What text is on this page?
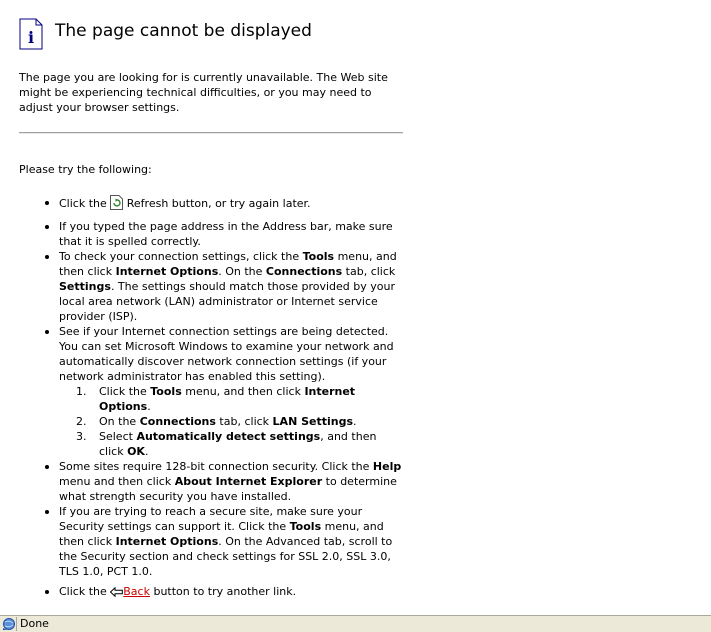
i The page cannot be displayed
The page you are looking for is currently unavailable. The Web site might be experiencing technical difficulties, or you may need to adjust your browser settings.
Please try the following:
Click the  Refresh button, or try again later.
If you typed the page address in the Address bar, make sure that it is spelled correctly.
To check your connection settings, click the Tools menu, and then click Internet Options. On the Connections tab, click Settings. The settings should match those provided by your local area network (LAN) administrator or Internet service provider (ISP).
See if your Internet connection settings are being detected. You can set Microsoft Windows to examine your network and automatically discover network connection settings (if your network administrator has enabled this setting).
1. Click the Tools menu, and then click Internet Options.
2. On the Connections tab, click LAN Settings.
3. Select Automatically detect settings, and then click OK.
Some sites require 128-bit connection security. Click the Help menu and then click About Internet Explorer to determine what strength security you have installed.
If you are trying to reach a secure site, make sure your Security settings can support it. Click the Tools menu, and then click Internet Options. On the Advanced tab, scroll to the Security section and check settings for SSL 2.0, SSL 3.0, TLS 1.0, PCT 1.0.
Click the Back button to try another link.
Done
